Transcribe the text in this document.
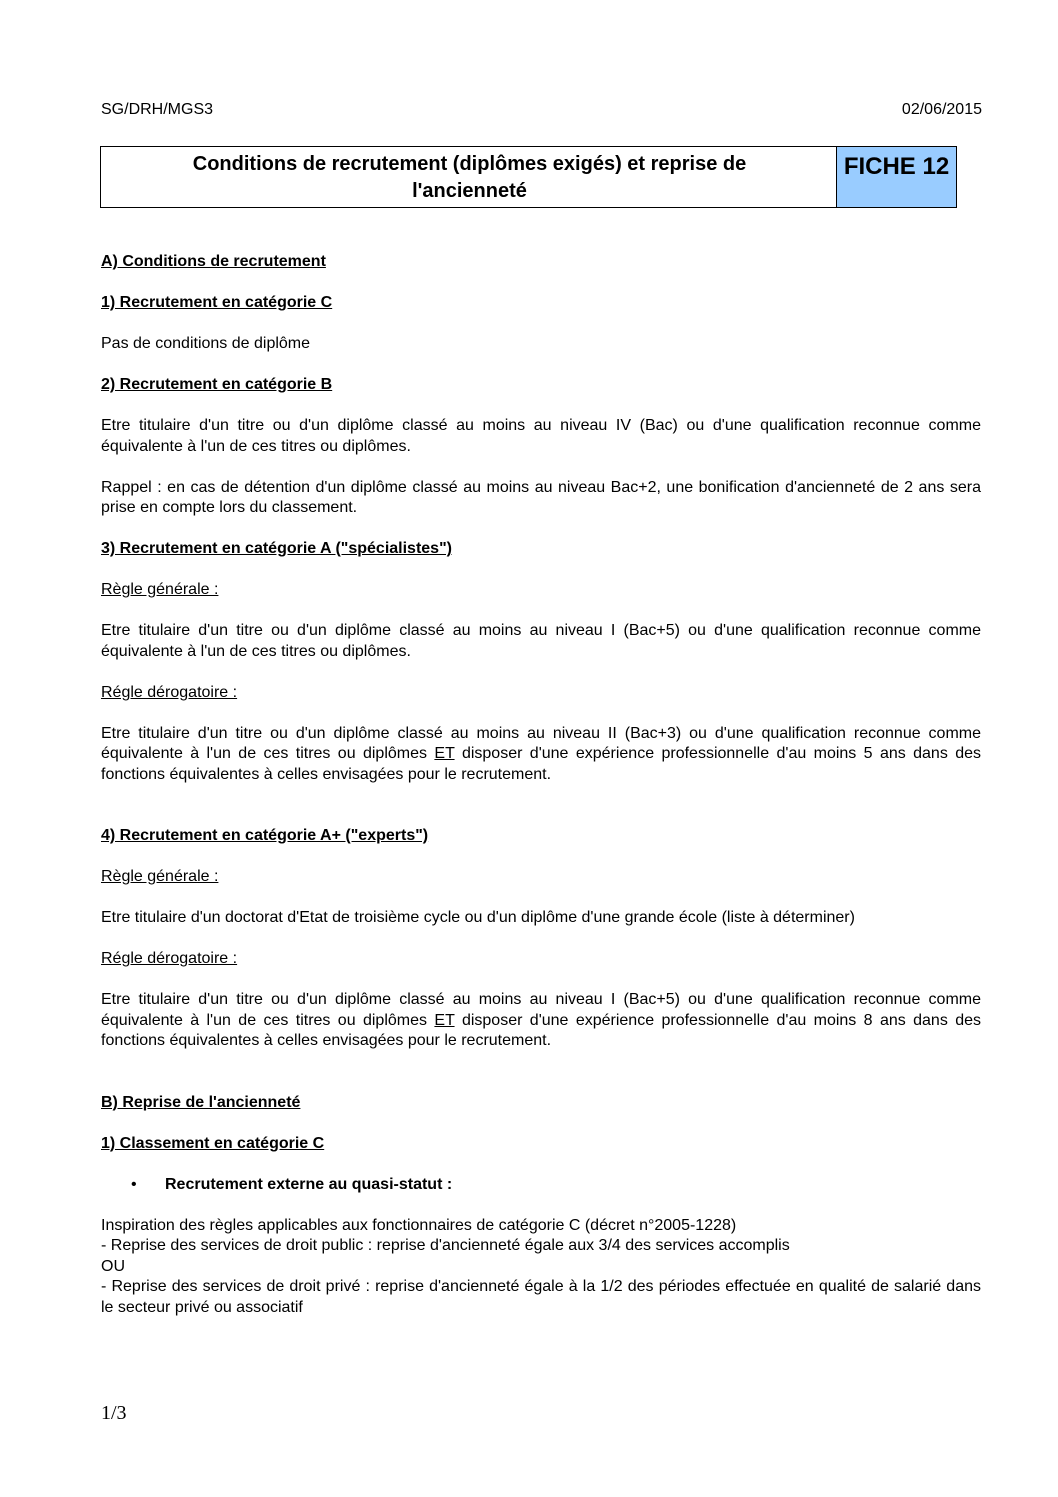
SG/DRH/MGS3	02/06/2015
Conditions de recrutement (diplômes exigés) et reprise de
l'ancienneté
FICHE 12

A) Conditions de recrutement

1) Recrutement en catégorie C

Pas de conditions de diplôme

2) Recrutement en catégorie B

Etre titulaire d'un titre ou d'un diplôme classé au moins au niveau IV (Bac) ou d'une qualification reconnue comme équivalente à l'un de ces titres ou diplômes.

Rappel : en cas de détention d'un diplôme classé au moins au niveau Bac+2, une bonification d'ancienneté de 2 ans sera prise en compte lors du classement.

3) Recrutement en catégorie A ("spécialistes")

Règle générale :

Etre titulaire d'un titre ou d'un diplôme classé au moins au niveau I (Bac+5) ou d'une qualification reconnue comme équivalente à l'un de ces titres ou diplômes.

Régle dérogatoire :

Etre titulaire d'un titre ou d'un diplôme classé au moins au niveau II (Bac+3) ou d'une qualification reconnue comme équivalente à l'un de ces titres ou diplômes ET disposer d'une expérience professionnelle d'au moins 5 ans dans des fonctions équivalentes à celles envisagées pour le recrutement.

4) Recrutement en catégorie A+ ("experts")

Règle générale :

Etre titulaire d'un doctorat d'Etat de troisième cycle ou d'un diplôme d'une grande école (liste à déterminer)

Régle dérogatoire :

Etre titulaire d'un titre ou d'un diplôme classé au moins au niveau I (Bac+5) ou d'une qualification reconnue comme équivalente à l'un de ces titres ou diplômes ET disposer d'une expérience professionnelle d'au moins 8 ans dans des fonctions équivalentes à celles envisagées pour le recrutement.

B) Reprise de l'ancienneté

1) Classement en catégorie C

• Recrutement externe au quasi-statut :
Inspiration des règles applicables aux fonctionnaires de catégorie C (décret n°2005-1228)
- Reprise des services de droit public : reprise d'ancienneté égale aux 3/4 des services accomplis
OU
- Reprise des services de droit privé : reprise d'ancienneté égale à la 1/2 des périodes effectuée en qualité de salarié dans le secteur privé ou associatif
1/3
